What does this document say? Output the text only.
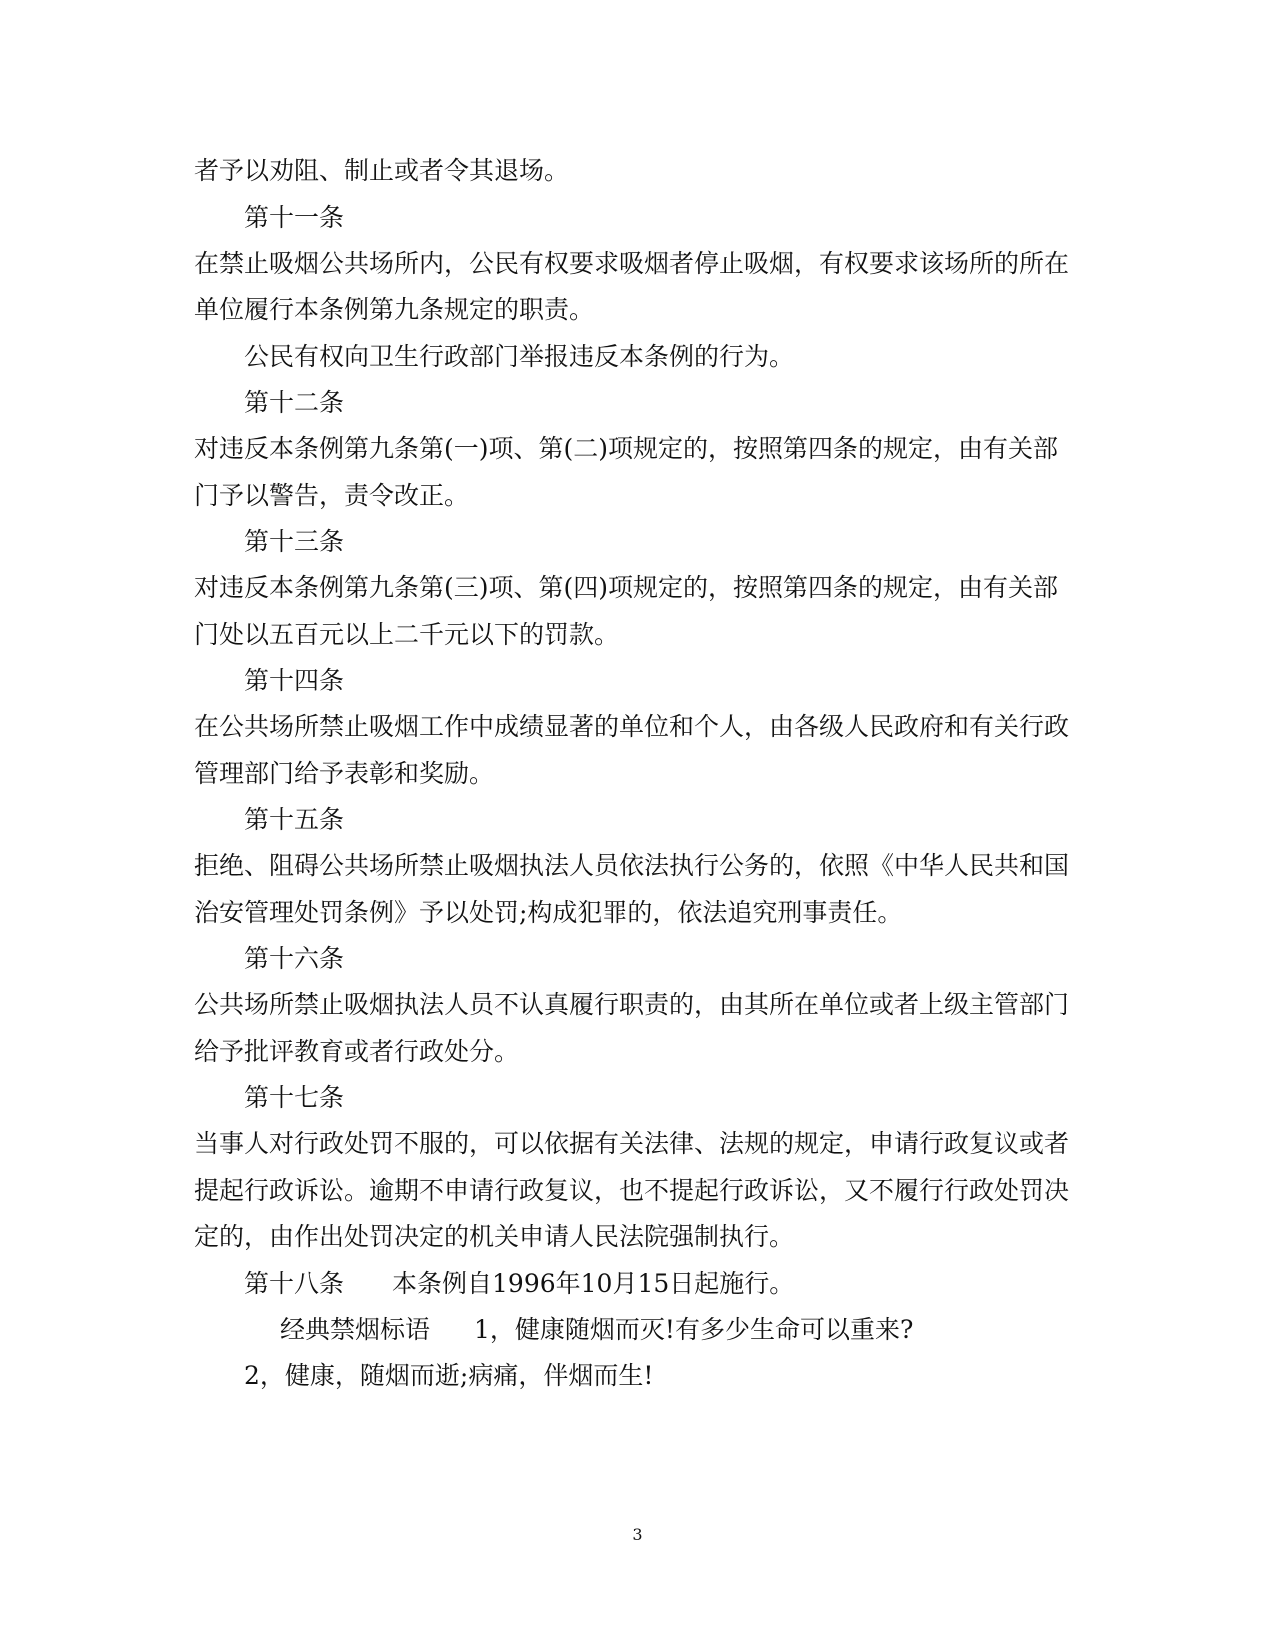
者予以劝阻、制止或者令其退场。
第十一条
在禁止吸烟公共场所内，公民有权要求吸烟者停止吸烟，有权要求该场所的所在
单位履行本条例第九条规定的职责。
公民有权向卫生行政部门举报违反本条例的行为。
第十二条
对违反本条例第九条第(一)项、第(二)项规定的，按照第四条的规定，由有关部
门予以警告，责令改正。
第十三条
对违反本条例第九条第(三)项、第(四)项规定的，按照第四条的规定，由有关部
门处以五百元以上二千元以下的罚款。
第十四条
在公共场所禁止吸烟工作中成绩显著的单位和个人，由各级人民政府和有关行政
管理部门给予表彰和奖励。
第十五条
拒绝、阻碍公共场所禁止吸烟执法人员依法执行公务的，依照《中华人民共和国
治安管理处罚条例》予以处罚;构成犯罪的，依法追究刑事责任。
第十六条
公共场所禁止吸烟执法人员不认真履行职责的，由其所在单位或者上级主管部门
给予批评教育或者行政处分。
第十七条
当事人对行政处罚不服的，可以依据有关法律、法规的规定，申请行政复议或者
提起行政诉讼。逾期不申请行政复议，也不提起行政诉讼，又不履行行政处罚决
定的，由作出处罚决定的机关申请人民法院强制执行。
第十八条 本条例自1996年10月15日起施行。
经典禁烟标语 1，健康随烟而灭!有多少生命可以重来?
2，健康，随烟而逝;病痛，伴烟而生!
3
